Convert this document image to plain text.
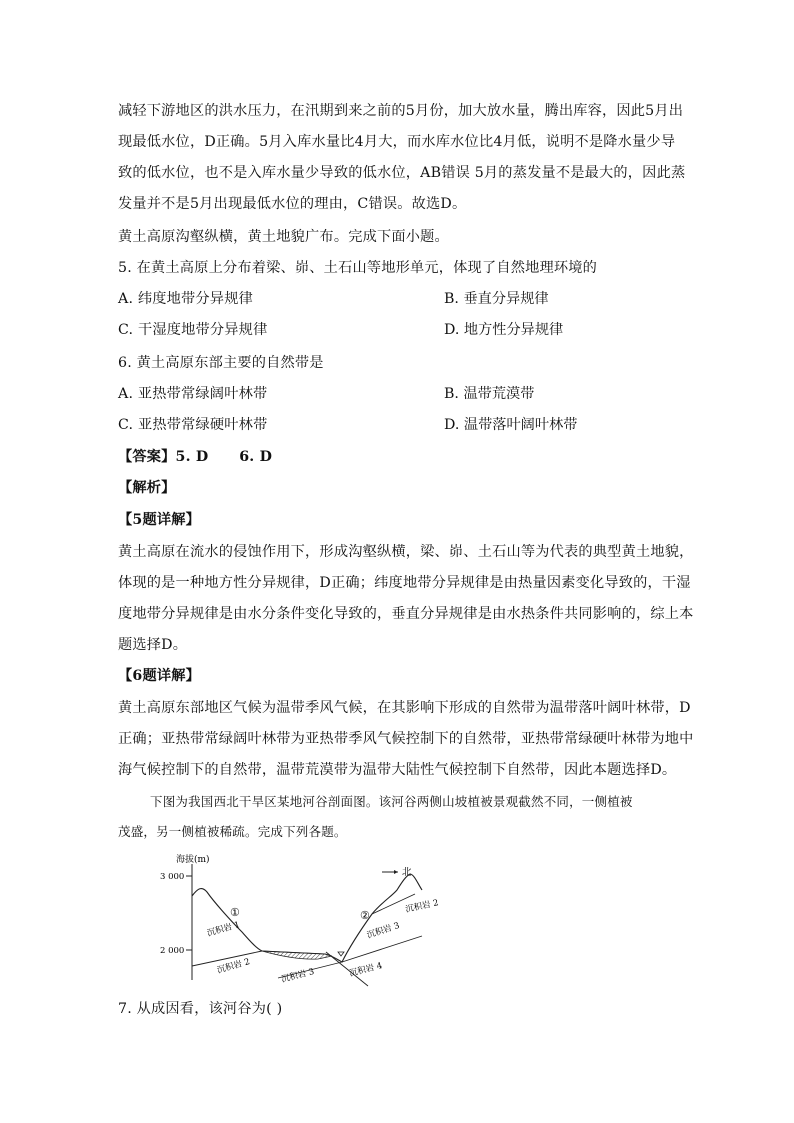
减轻下游地区的洪水压力，在汛期到来之前的5月份，加大放水量，腾出库容，因此5月出
现最低水位，D正确。5月入库水量比4月大，而水库水位比4月低，说明不是降水量少导
致的低水位，也不是入库水量少导致的低水位，AB错误 5月的蒸发量不是最大的，因此蒸
发量并不是5月出现最低水位的理由，C错误。故选D。
黄土高原沟壑纵横，黄土地貌广布。完成下面小题。
5. 在黄土高原上分布着梁、峁、土石山等地形单元，体现了自然地理环境的
A. 纬度地带分异规律	B. 垂直分异规律
C. 干湿度地带分异规律	D. 地方性分异规律
6. 黄土高原东部主要的自然带是
A. 亚热带常绿阔叶林带	B. 温带荒漠带
C. 亚热带常绿硬叶林带	D. 温带落叶阔叶林带
【答案】5. D      6. D
【解析】
【5题详解】
黄土高原在流水的侵蚀作用下，形成沟壑纵横，梁、峁、土石山等为代表的典型黄土地貌，
体现的是一种地方性分异规律，D正确；纬度地带分异规律是由热量因素变化导致的，干湿
度地带分异规律是由水分条件变化导致的，垂直分异规律是由水热条件共同影响的，综上本
题选择D。
【6题详解】
黄土高原东部地区气候为温带季风气候，在其影响下形成的自然带为温带落叶阔叶林带，D
正确；亚热带常绿阔叶林带为亚热带季风气候控制下的自然带，亚热带常绿硬叶林带为地中
海气候控制下的自然带，温带荒漠带为温带大陆性气候控制下自然带，因此本题选择D。
下图为我国西北干旱区某地河谷剖面图。该河谷两侧山坡植被景观截然不同，一侧植被
茂盛，另一侧植被稀疏。完成下列各题。
海拔(m)
3 000
2 000
北
①	②
沉积岩 1
沉积岩 2
沉积岩 3	沉积岩 4
沉积岩 3
沉积岩 2
7. 从成因看，该河谷为( )
